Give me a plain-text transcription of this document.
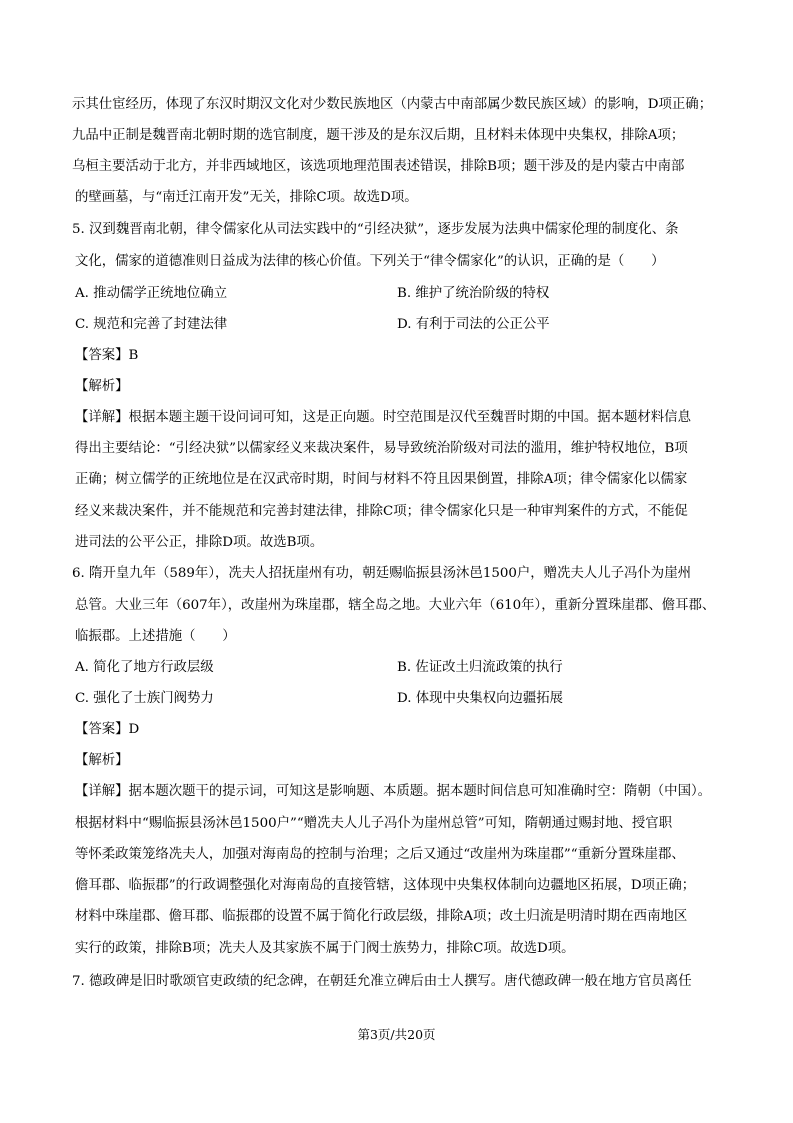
示其仕宦经历，体现了东汉时期汉文化对少数民族地区（内蒙古中南部属少数民族区域）的影响，D项正确；
九品中正制是魏晋南北朝时期的选官制度，题干涉及的是东汉后期，且材料未体现中央集权，排除A项；
乌桓主要活动于北方，并非西域地区，该选项地理范围表述错误，排除B项；题干涉及的是内蒙古中南部
的壁画墓，与“南迁江南开发”无关，排除C项。故选D项。
5. 汉到魏晋南北朝，律令儒家化从司法实践中的“引经决狱”，逐步发展为法典中儒家伦理的制度化、条
文化，儒家的道德准则日益成为法律的核心价值。下列关于“律令儒家化”的认识，正确的是（　　）
A. 推动儒学正统地位确立	B. 维护了统治阶级的特权
C. 规范和完善了封建法律	D. 有利于司法的公正公平
【答案】B
【解析】
【详解】根据本题主题干设问词可知，这是正向题。时空范围是汉代至魏晋时期的中国。据本题材料信息
得出主要结论：“引经决狱”以儒家经义来裁决案件，易导致统治阶级对司法的滥用，维护特权地位，B项
正确；树立儒学的正统地位是在汉武帝时期，时间与材料不符且因果倒置，排除A项；律令儒家化以儒家
经义来裁决案件，并不能规范和完善封建法律，排除C项；律令儒家化只是一种审判案件的方式，不能促
进司法的公平公正，排除D项。故选B项。
6. 隋开皇九年（589年），冼夫人招抚崖州有功，朝廷赐临振县汤沐邑1500户，赠冼夫人儿子冯仆为崖州
总管。大业三年（607年），改崖州为珠崖郡，辖全岛之地。大业六年（610年），重新分置珠崖郡、儋耳郡、
临振郡。上述措施（　　）
A. 简化了地方行政层级	B. 佐证改土归流政策的执行
C. 强化了士族门阀势力	D. 体现中央集权向边疆拓展
【答案】D
【解析】
【详解】据本题次题干的提示词，可知这是影响题、本质题。据本题时间信息可知准确时空：隋朝（中国）。
根据材料中“赐临振县汤沐邑1500户”“赠冼夫人儿子冯仆为崖州总管”可知，隋朝通过赐封地、授官职
等怀柔政策笼络冼夫人，加强对海南岛的控制与治理；之后又通过“改崖州为珠崖郡”“重新分置珠崖郡、
儋耳郡、临振郡”的行政调整强化对海南岛的直接管辖，这体现中央集权体制向边疆地区拓展，D项正确；
材料中珠崖郡、儋耳郡、临振郡的设置不属于简化行政层级，排除A项；改土归流是明清时期在西南地区
实行的政策，排除B项；冼夫人及其家族不属于门阀士族势力，排除C项。故选D项。
7. 德政碑是旧时歌颂官吏政绩的纪念碑，在朝廷允准立碑后由士人撰写。唐代德政碑一般在地方官员离任
第3页/共20页
